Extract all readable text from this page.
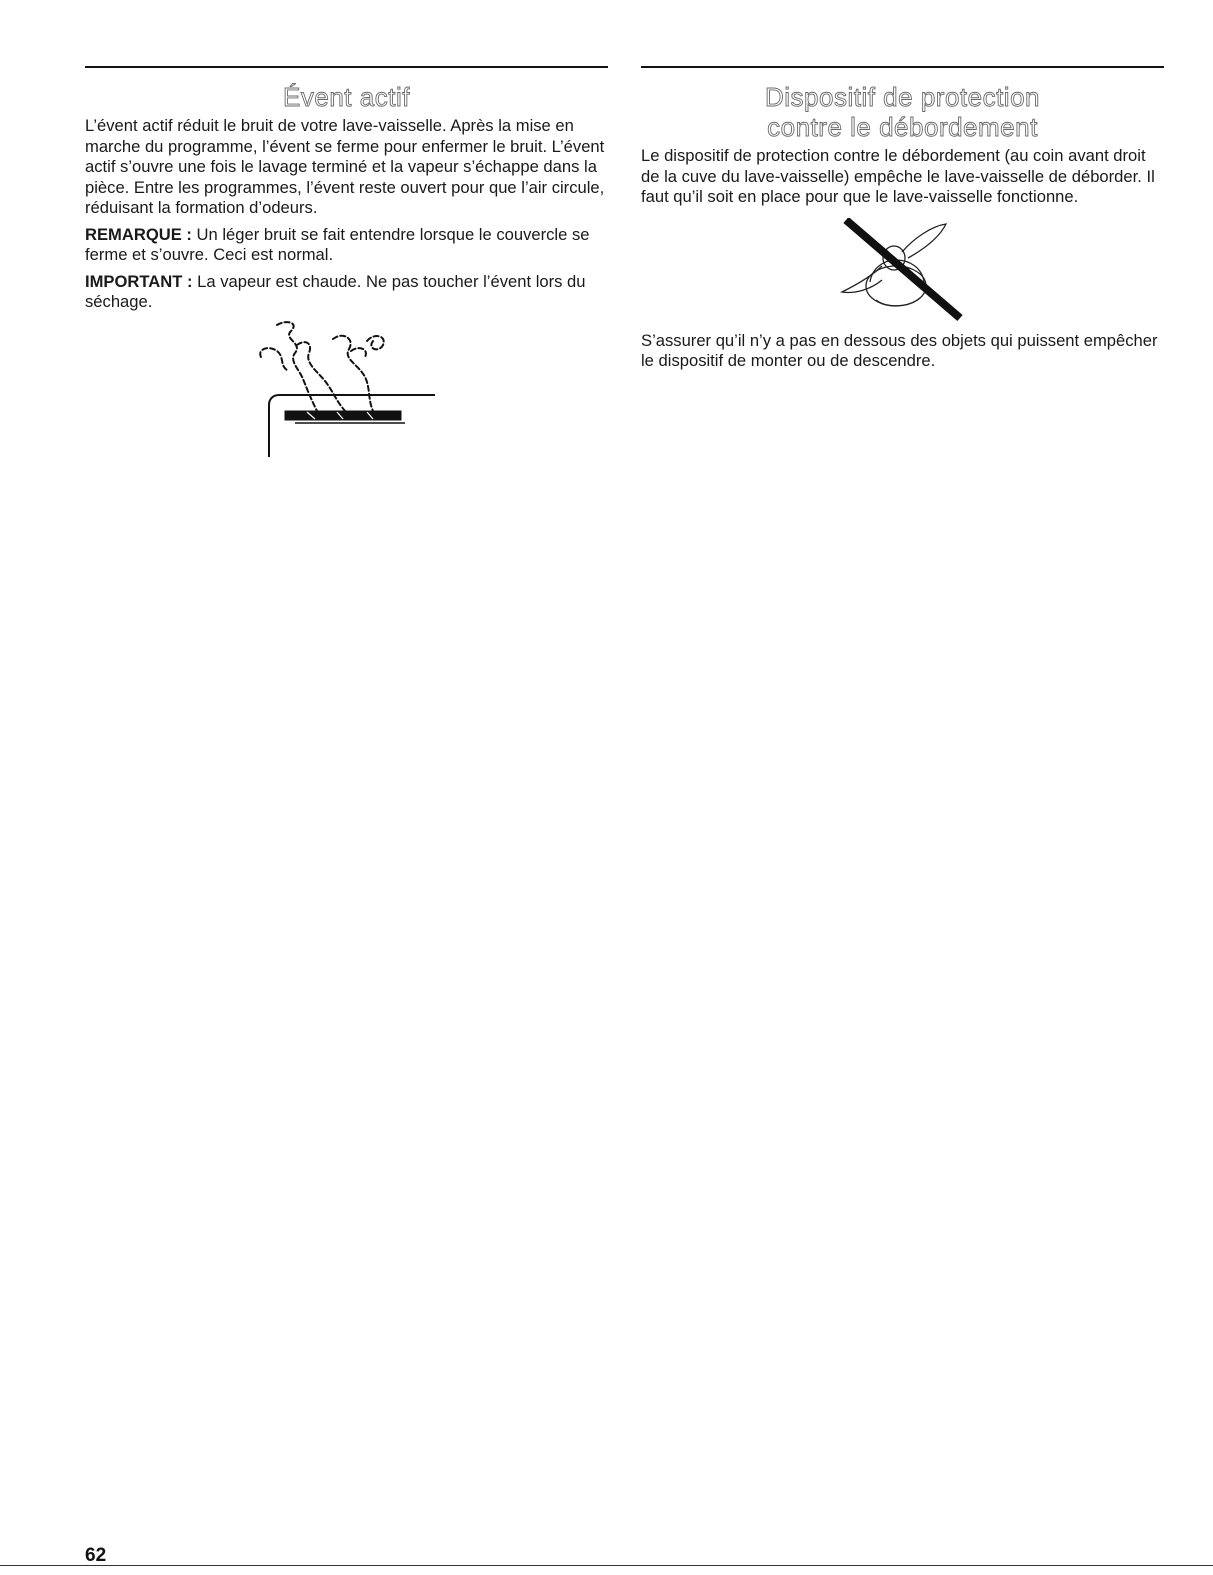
Évent actif

L’évent actif réduit le bruit de votre lave-vaisselle. Après la mise en marche du programme, l’évent se ferme pour enfermer le bruit. L’évent actif s’ouvre une fois le lavage terminé et la vapeur s’échappe dans la pièce. Entre les programmes, l’évent reste ouvert pour que l’air circule, réduisant la formation d’odeurs.

REMARQUE : Un léger bruit se fait entendre lorsque le couvercle se ferme et s’ouvre. Ceci est normal.

IMPORTANT : La vapeur est chaude. Ne pas toucher l’évent lors du séchage.

Dispositif de protection
contre le débordement

Le dispositif de protection contre le débordement (au coin avant droit de la cuve du lave-vaisselle) empêche le lave-vaisselle de déborder. Il faut qu’il soit en place pour que le lave-vaisselle fonctionne.

S’assurer qu’il n’y a pas en dessous des objets qui puissent empêcher le dispositif de monter ou de descendre.

62
